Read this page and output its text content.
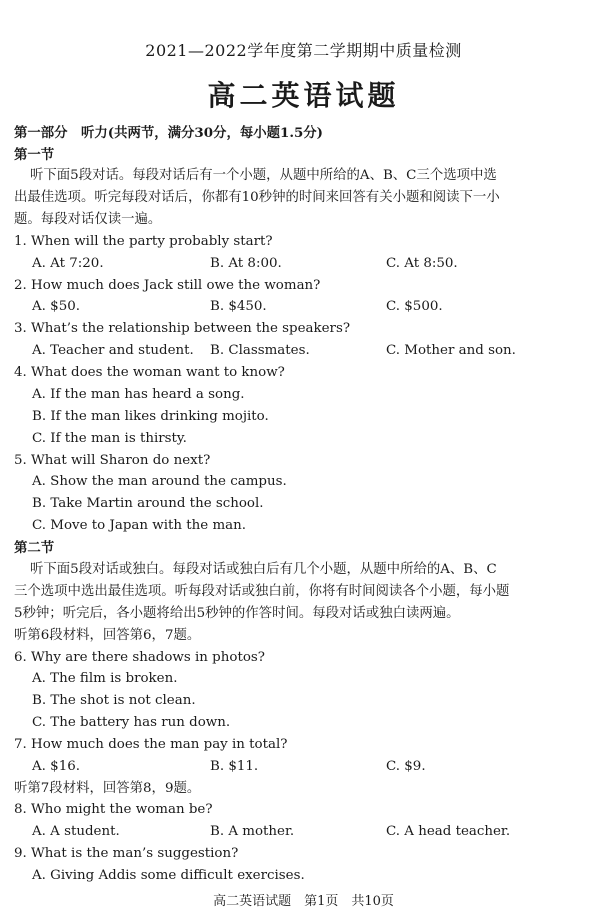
2021—2022学年度第二学期期中质量检测
高二英语试题
第一部分　听力(共两节，满分30分，每小题1.5分)
第一节
听下面5段对话。每段对话后有一个小题，从题中所给的A、B、C三个选项中选
出最佳选项。听完每段对话后，你都有10秒钟的时间来回答有关小题和阅读下一小
题。每段对话仅读一遍。
1. When will the party probably start?
A. At 7:20.	B. At 8:00.	C. At 8:50.
2. How much does Jack still owe the woman?
A. $50.	B. $450.	C. $500.
3. What’s the relationship between the speakers?
A. Teacher and student. B. Classmates.	C. Mother and son.
4. What does the woman want to know?
A. If the man has heard a song.
B. If the man likes drinking mojito.
C. If the man is thirsty.
5. What will Sharon do next?
A. Show the man around the campus.
B. Take Martin around the school.
C. Move to Japan with the man.
第二节
听下面5段对话或独白。每段对话或独白后有几个小题，从题中所给的A、B、C
三个选项中选出最佳选项。听每段对话或独白前，你将有时间阅读各个小题，每小题
5秒钟；听完后，各小题将给出5秒钟的作答时间。每段对话或独白读两遍。
听第6段材料，回答第6，7题。
6. Why are there shadows in photos?
A. The film is broken.
B. The shot is not clean.
C. The battery has run down.
7. How much does the man pay in total?
A. $16.	B. $11.	C. $9.
听第7段材料，回答第8，9题。
8. Who might the woman be?
A. A student.	B. A mother.	C. A head teacher.
9. What is the man’s suggestion?
A. Giving Addis some difficult exercises.
高二英语试题　第1页　共10页
